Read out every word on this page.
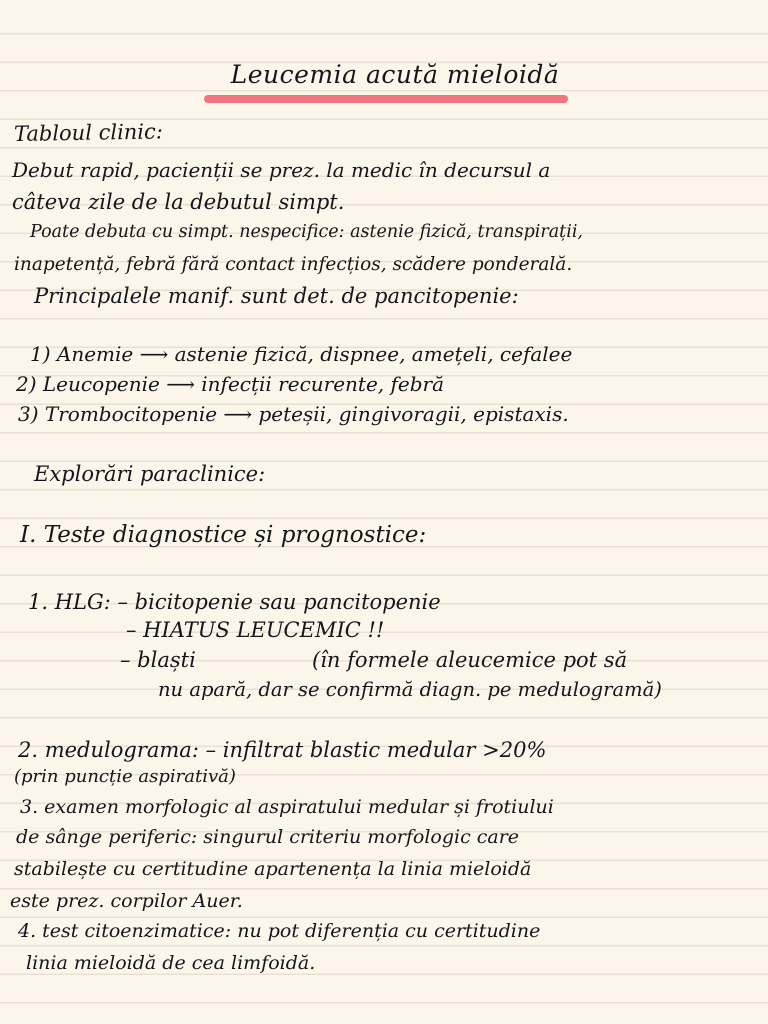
Leucemia acută mieloidă
Tabloul clinic:
Debut rapid, pacienții se prez. la medic în decursul a
câteva zile de la debutul simpt.
Poate debuta cu simpt. nespecifice: astenie fizică, transpirații,
inapetență, febră fără contact infecțios, scădere ponderală.
Principalele manif. sunt det. de pancitopenie:
1) Anemie ⟶ astenie fizică, dispnee, amețeli, cefalee
2) Leucopenie ⟶ infecții recurente, febră
3) Trombocitopenie ⟶ peteșii, gingivoragii, epistaxis.
Explorări paraclinice:
I. Teste diagnostice și prognostice:
1. HLG: – bicitopenie sau pancitopenie
– HIATUS LEUCEMIC !!
– blaști	(în formele aleucemice pot să
nu apară, dar se confirmă diagn. pe medulogramă)
2. medulograma: – infiltrat blastic medular >20%
(prin puncție aspirativă)
3. examen morfologic al aspiratului medular și frotiului
de sânge periferic: singurul criteriu morfologic care
stabilește cu certitudine apartenența la linia mieloidă
este prez. corpilor Auer.
4. test citoenzimatice: nu pot diferenția cu certitudine
linia mieloidă de cea limfoidă.
